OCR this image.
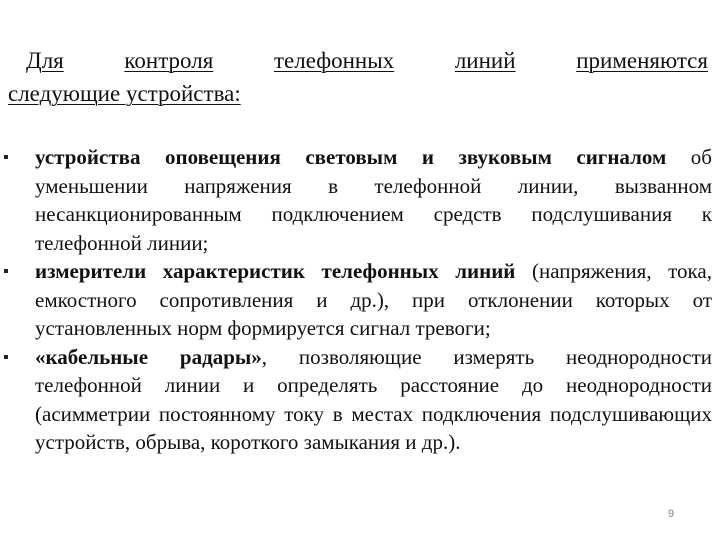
Для	контроля	телефонных	линий	применяются
следующие устройства:
устройства оповещения световым и звуковым сигналом об уменьшении напряжения в телефонной линии, вызванном несанкционированным подключением средств подслушивания к телефонной линии;
измерители характеристик телефонных линий (напряжения, тока, емкостного сопротивления и др.), при отклонении которых от установленных норм формируется сигнал тревоги;
«кабельные радары», позволяющие измерять неоднородности телефонной линии и определять расстояние до неоднородности (асимметрии постоянному току в местах подключения подслушивающих устройств, обрыва, короткого замыкания и др.).
9
